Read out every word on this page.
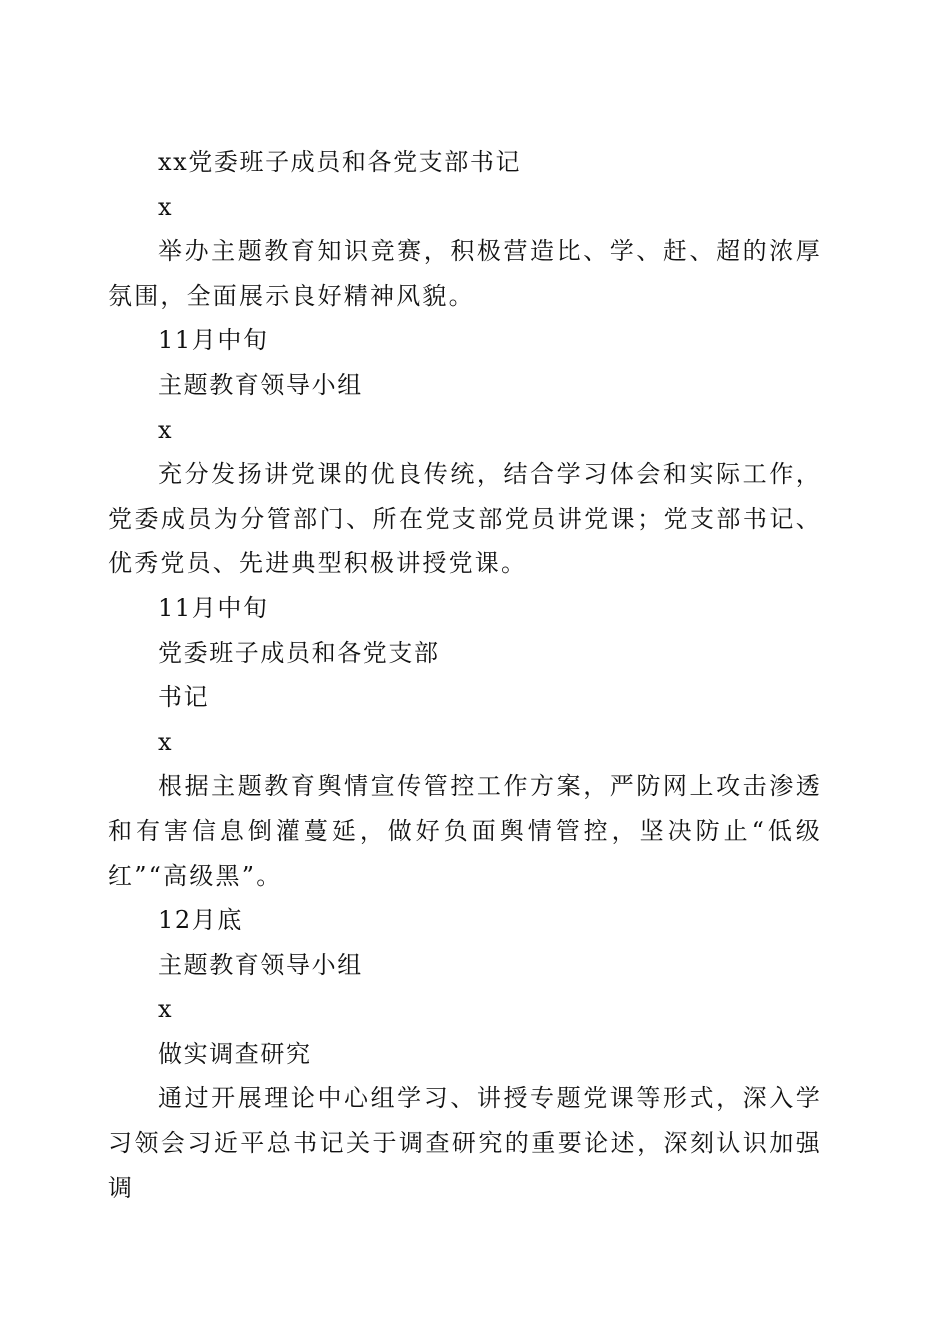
xx党委班子成员和各党支部书记
x
举办主题教育知识竞赛，积极营造比、学、赶、超的浓厚氛围，全面展示良好精神风貌。
11月中旬
主题教育领导小组
x
充分发扬讲党课的优良传统，结合学习体会和实际工作，党委成员为分管部门、所在党支部党员讲党课；党支部书记、优秀党员、先进典型积极讲授党课。
11月中旬
党委班子成员和各党支部
书记
x
根据主题教育舆情宣传管控工作方案，严防网上攻击渗透和有害信息倒灌蔓延，做好负面舆情管控，坚决防止“低级红”“高级黑”。
12月底
主题教育领导小组
x
做实调查研究
通过开展理论中心组学习、讲授专题党课等形式，深入学习领会习近平总书记关于调查研究的重要论述，深刻认识加强调
